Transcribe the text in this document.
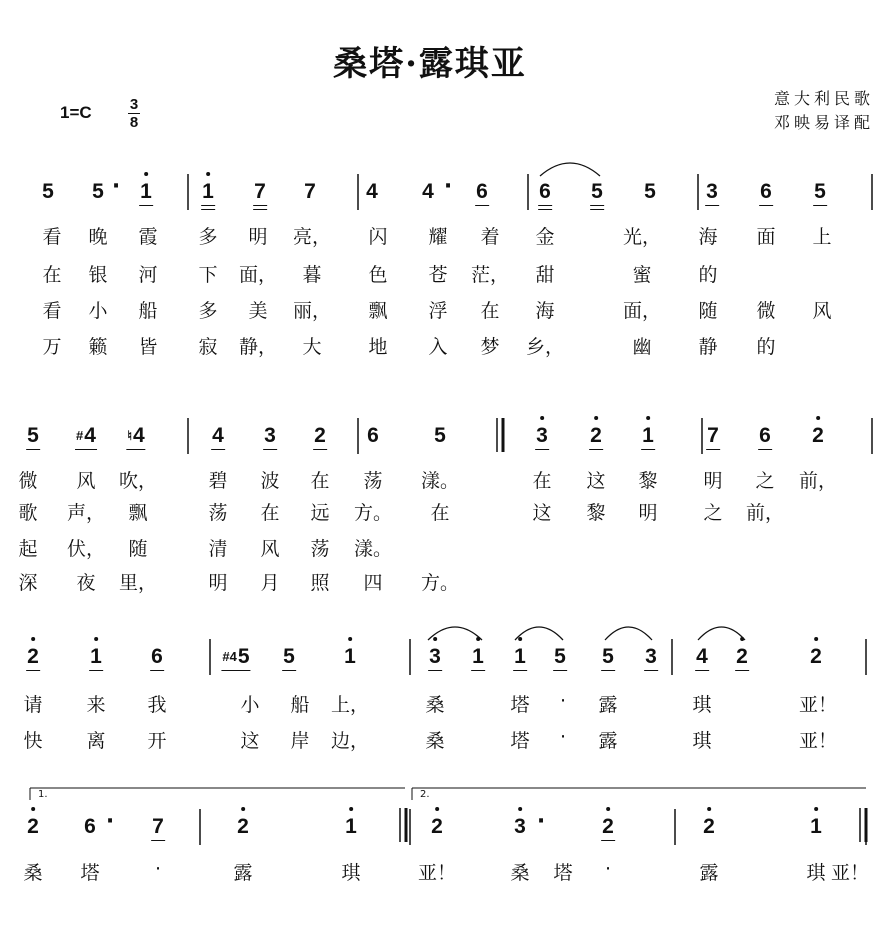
桑塔·露琪亚
1=C	3
8
意大利民歌
邓映易译配
5 5 · 1 1 7 7 4 4 · 6 6 5 5 3 6 5
看 晚 霞 多 明 亮， 闪 耀 着 金	光， 海 面 上
在 银 河 下 面， 暮 色 苍 茫， 甜	蜜 的
看 小 船 多 美 丽， 飘 浮 在 海	面， 随 微 风
万 籁 皆 寂 静， 大 地 入 梦 乡，	幽 静 的
5	#4 ♮4	4 3 2 6	5	3 2 1	7 6 2
微 风 吹，	碧 波 在 荡 漾。	在 这 黎 明 之 前，
歌 声， 飘	荡 在 远 方。 在	这 黎 明 之 前，
起 伏， 随	清 风 荡 漾。
深 夜 里，	明 月 照 四 方。
2 1 6	$^{\#4}$5 5 1	3 1 1 5 5 3 4 2	2
请 来 我	小 船 上，	桑	塔 · 露	琪	亚！
快 离 开	这 岸 边，	桑	塔 · 露	琪	亚！
2 6 · 7	2	1	2	3 ·	2	2	1
桑 塔	·	露	琪	亚！	桑 塔 ·	露	琪 亚！
1.	2.
